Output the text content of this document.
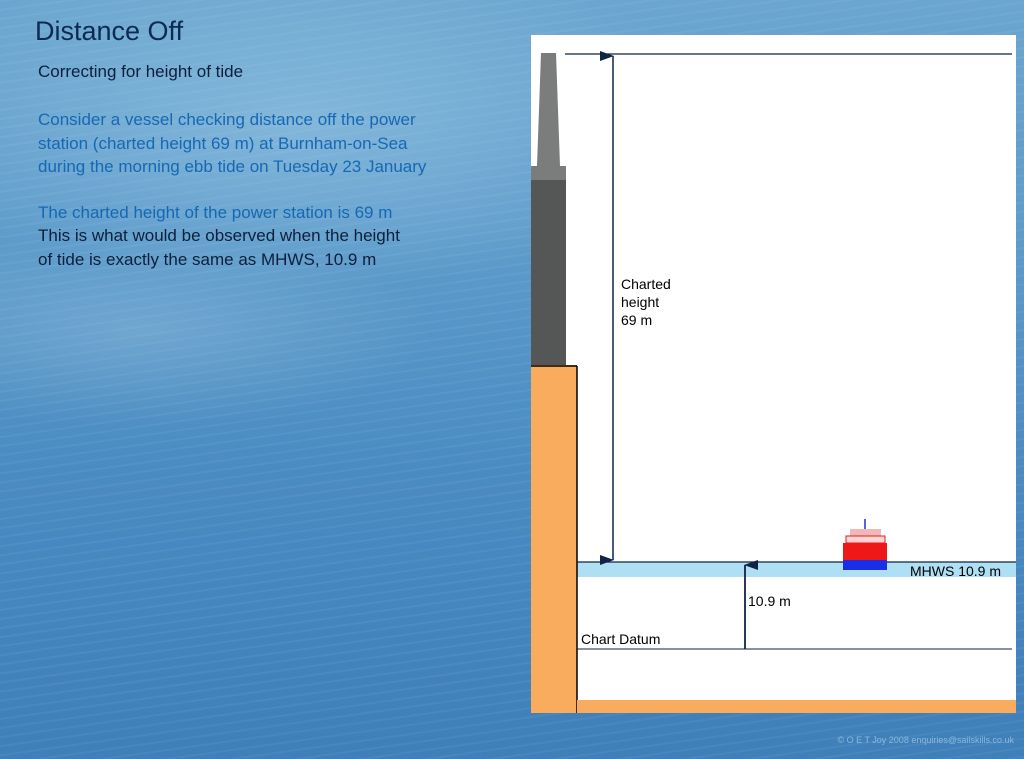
Distance Off
Correcting for height of tide
Consider a vessel checking distance off the power
station (charted height 69 m) at Burnham-on-Sea
during the morning ebb tide on Tuesday 23 January
The charted height of the power station is 69 m
This is what would be observed when the height
of tide is exactly the same as MHWS, 10.9 m
Charted
height
69 m
MHWS 10.9 m
10.9 m
Chart Datum
© O E T Joy 2008 enquiries@sailskills.co.uk
